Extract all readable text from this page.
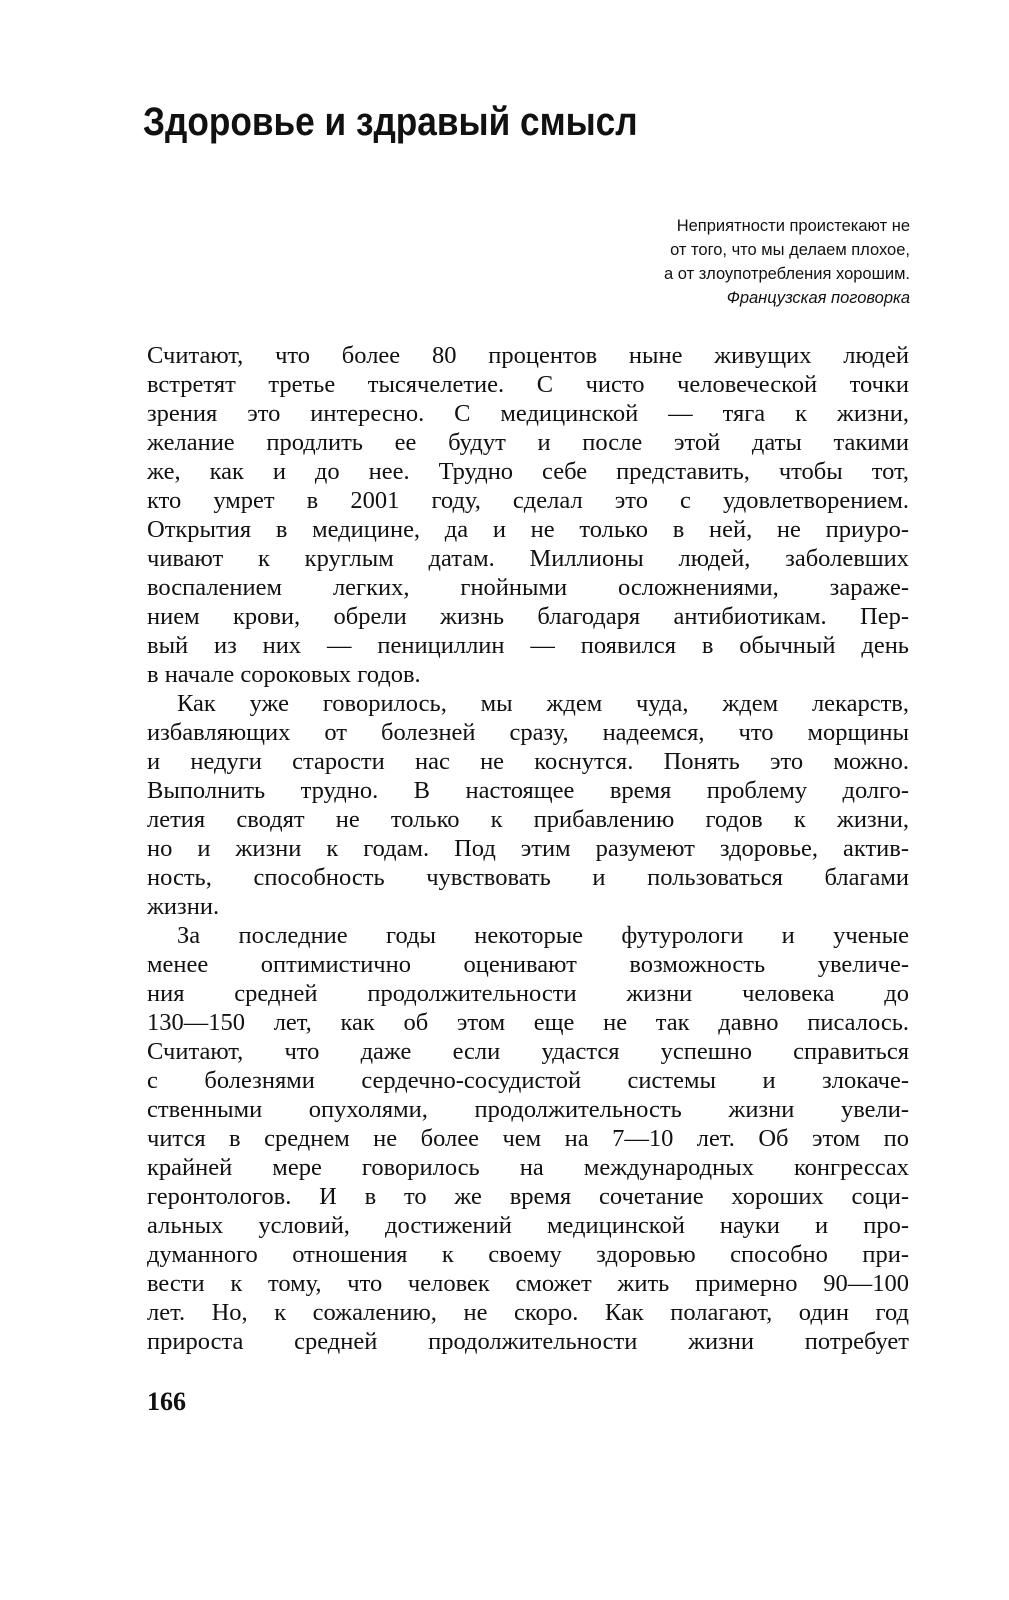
Здоровье и здравый смысл
Неприятности проистекают не
от того, что мы делаем плохое,
а от злоупотребления хорошим.
Французская поговорка
Считают, что более 80 процентов ныне живущих людей
встретят третье тысячелетие. С чисто человеческой точки
зрения это интересно. С медицинской — тяга к жизни,
желание продлить ее будут и после этой даты такими
же, как и до нее. Трудно себе представить, чтобы тот,
кто умрет в 2001 году, сделал это с удовлетворением.
Открытия в медицине, да и не только в ней, не приуро-
чивают к круглым датам. Миллионы людей, заболевших
воспалением легких, гнойными осложнениями, зараже-
нием крови, обрели жизнь благодаря антибиотикам. Пер-
вый из них — пенициллин — появился в обычный день
в начале сороковых годов.
Как уже говорилось, мы ждем чуда, ждем лекарств,
избавляющих от болезней сразу, надеемся, что морщины
и недуги старости нас не коснутся. Понять это можно.
Выполнить трудно. В настоящее время проблему долго-
летия сводят не только к прибавлению годов к жизни,
но и жизни к годам. Под этим разумеют здоровье, актив-
ность, способность чувствовать и пользоваться благами
жизни.
За последние годы некоторые футурологи и ученые
менее оптимистично оценивают возможность увеличе-
ния средней продолжительности жизни человека до
130—150 лет, как об этом еще не так давно писалось.
Считают, что даже если удастся успешно справиться
с болезнями сердечно-сосудистой системы и злокаче-
ственными опухолями, продолжительность жизни увели-
чится в среднем не более чем на 7—10 лет. Об этом по
крайней мере говорилось на международных конгрессах
геронтологов. И в то же время сочетание хороших соци-
альных условий, достижений медицинской науки и про-
думанного отношения к своему здоровью способно при-
вести к тому, что человек сможет жить примерно 90—100
лет. Но, к сожалению, не скоро. Как полагают, один год
прироста средней продолжительности жизни потребует
166
